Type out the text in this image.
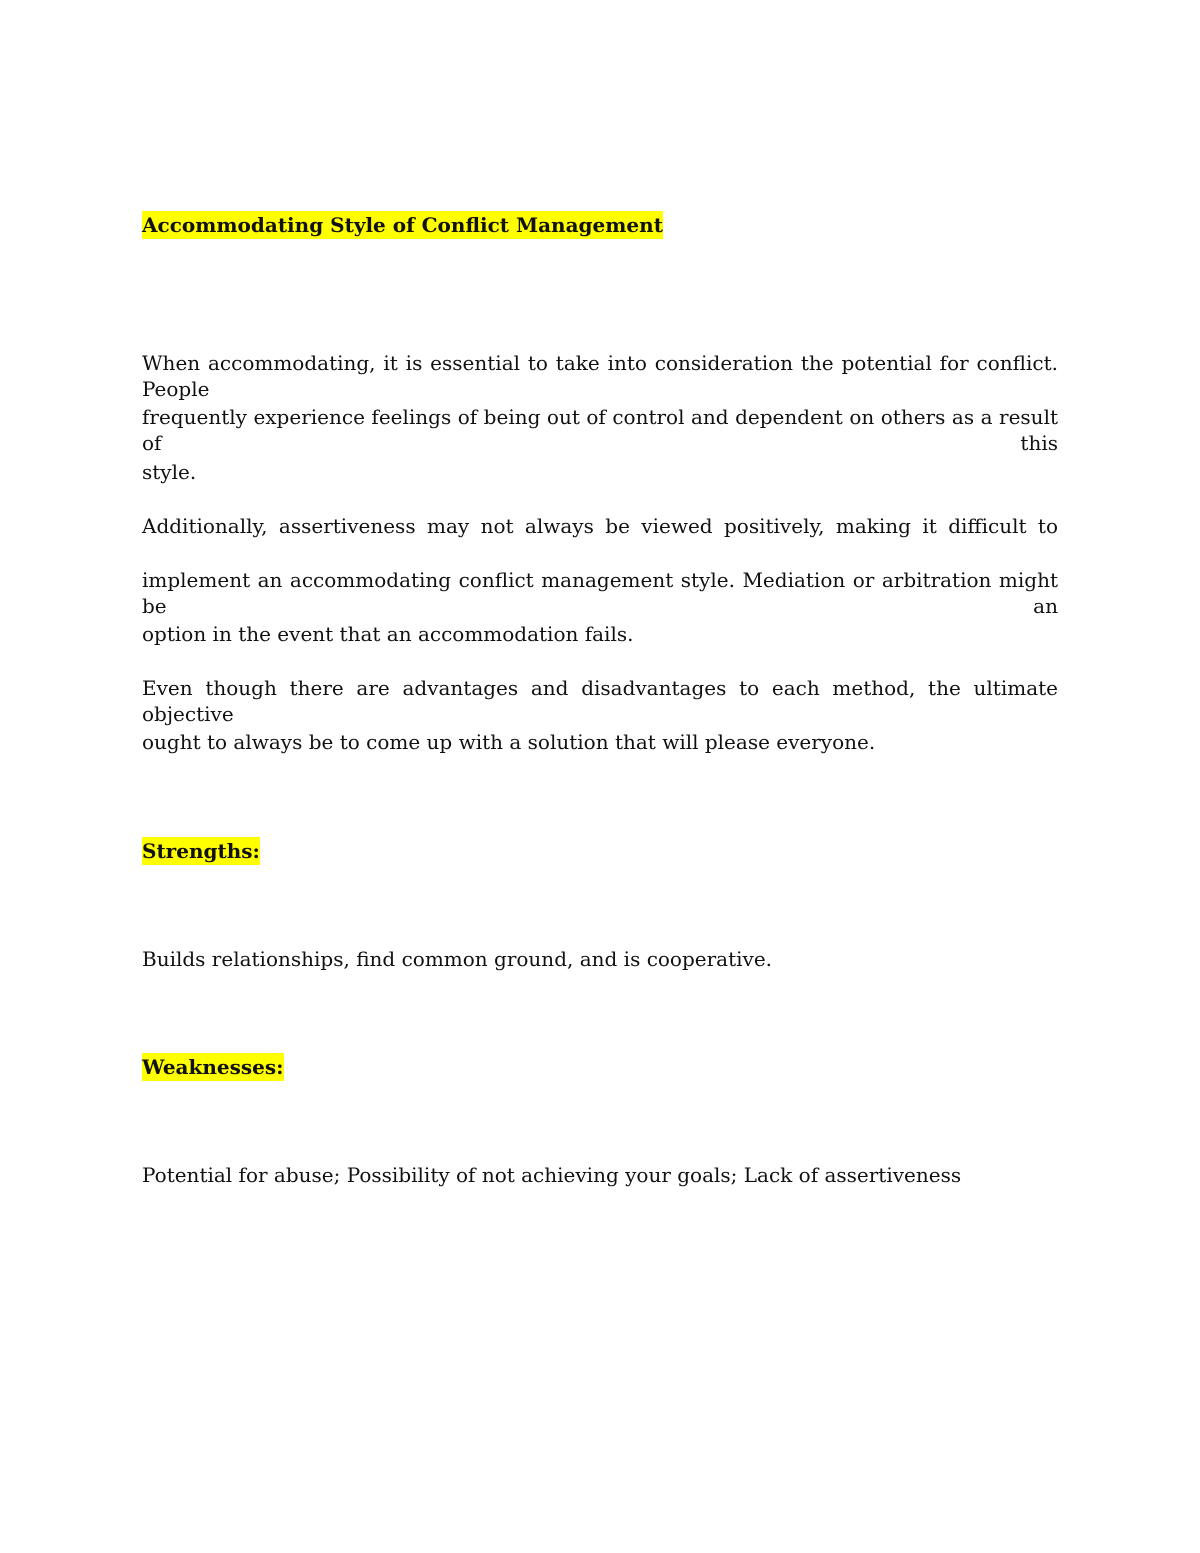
Accommodating Style of Conflict Management

When accommodating, it is essential to take into consideration the potential for conflict. People

frequently experience feelings of being out of control and dependent on others as a result of this

style.

Additionally, assertiveness may not always be viewed positively, making it difficult to

implement an accommodating conflict management style. Mediation or arbitration might be an

option in the event that an accommodation fails.

Even though there are advantages and disadvantages to each method, the ultimate objective

ought to always be to come up with a solution that will please everyone.

Strengths:

Builds relationships, find common ground, and is cooperative.

Weaknesses:

Potential for abuse; Possibility of not achieving your goals; Lack of assertiveness
